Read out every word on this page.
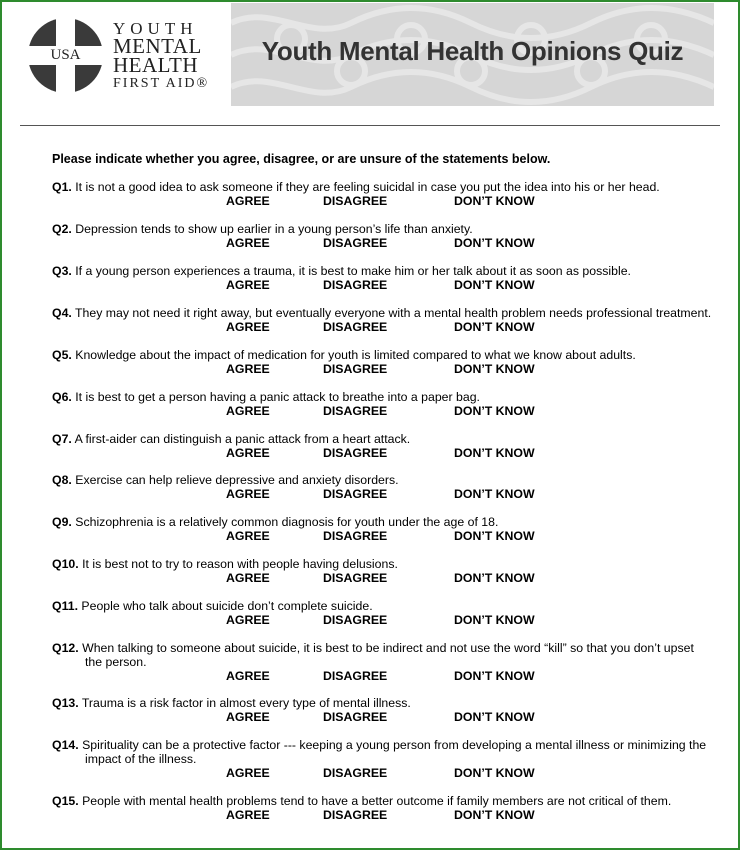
USA
YOUTH
MENTAL
HEALTH
FIRST AID®
Youth Mental Health Opinions Quiz
Please indicate whether you agree, disagree, or are unsure of the statements below.
Q1. It is not a good idea to ask someone if they are feeling suicidal in case you put the idea into his or her head.
AGREE	DISAGREE	DON’T KNOW
Q2. Depression tends to show up earlier in a young person’s life than anxiety.
AGREE	DISAGREE	DON’T KNOW
Q3. If a young person experiences a trauma, it is best to make him or her talk about it as soon as possible.
AGREE	DISAGREE	DON’T KNOW
Q4. They may not need it right away, but eventually everyone with a mental health problem needs professional treatment.
AGREE	DISAGREE	DON’T KNOW
Q5. Knowledge about the impact of medication for youth is limited compared to what we know about adults.
AGREE	DISAGREE	DON’T KNOW
Q6. It is best to get a person having a panic attack to breathe into a paper bag.
AGREE	DISAGREE	DON’T KNOW
Q7. A first-aider can distinguish a panic attack from a heart attack.
AGREE	DISAGREE	DON’T KNOW
Q8. Exercise can help relieve depressive and anxiety disorders.
AGREE	DISAGREE	DON’T KNOW
Q9. Schizophrenia is a relatively common diagnosis for youth under the age of 18.
AGREE	DISAGREE	DON’T KNOW
Q10. It is best not to try to reason with people having delusions.
AGREE	DISAGREE	DON’T KNOW
Q11. People who talk about suicide don’t complete suicide.
AGREE	DISAGREE	DON’T KNOW
Q12. When talking to someone about suicide, it is best to be indirect and not use the word “kill” so that you don’t upset the person.
AGREE	DISAGREE	DON’T KNOW
Q13. Trauma is a risk factor in almost every type of mental illness.
AGREE	DISAGREE	DON’T KNOW
Q14. Spirituality can be a protective factor --- keeping a young person from developing a mental illness or minimizing the impact of the illness.
AGREE	DISAGREE	DON’T KNOW
Q15. People with mental health problems tend to have a better outcome if family members are not critical of them.
AGREE	DISAGREE	DON’T KNOW
